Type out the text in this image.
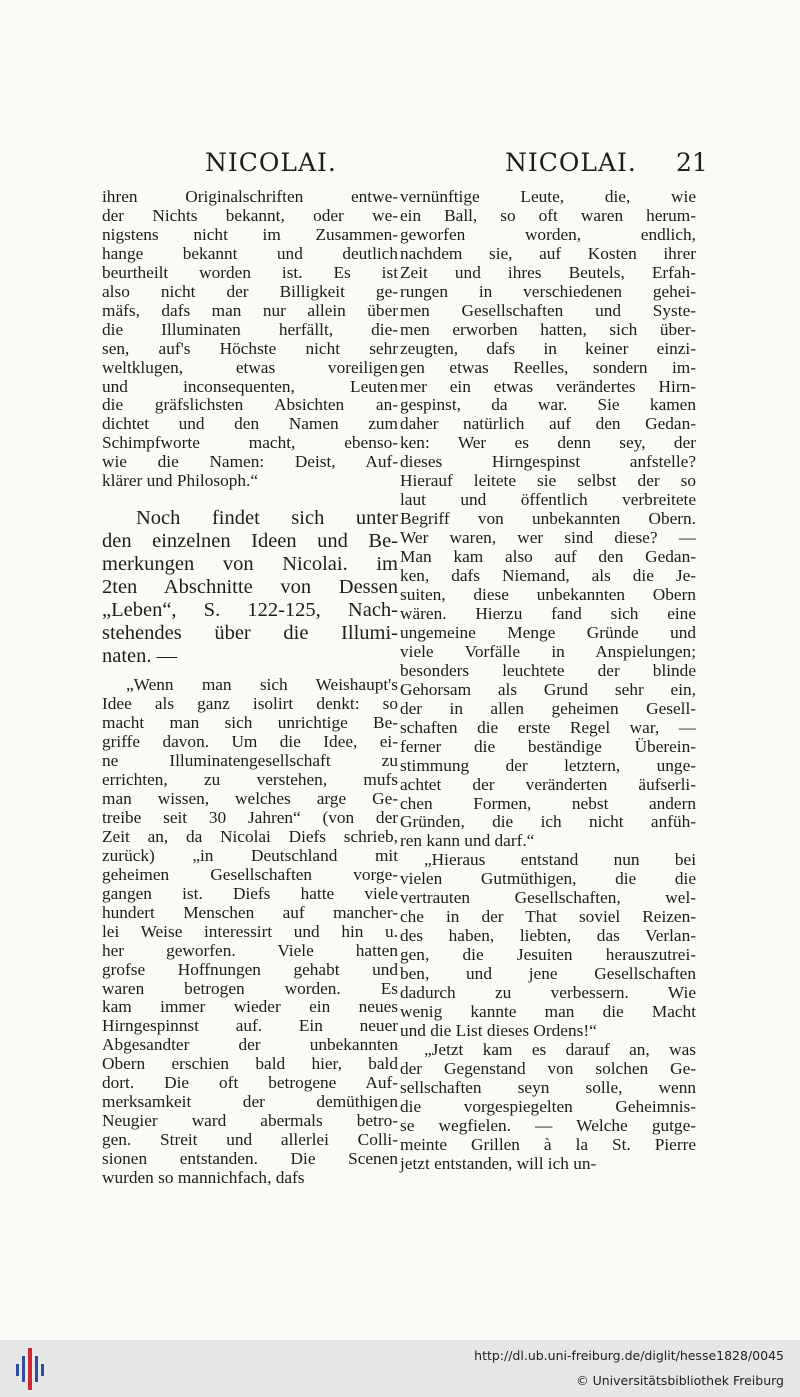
NICOLAI.	NICOLAI. 21

ihren Originalschriften entwe-
der Nichts bekannt, oder we-
nigstens nicht im Zusammen-
hange bekannt und deutlich
beurtheilt worden ist. Es ist
also nicht der Billigkeit ge-
mäfs, dafs man nur allein über
die Illuminaten herfällt, die-
sen, auf's Höchste nicht sehr
weltklugen, etwas voreiligen
und inconsequenten, Leuten
die gräfslichsten Absichten an-
dichtet und den Namen zum
Schimpfworte macht, ebenso-
wie die Namen: Deist, Auf-
klärer und Philosoph.“

Noch findet sich unter
den einzelnen Ideen und Be-
merkungen von Nicolai. im
2ten Abschnitte von Dessen
„Leben“, S. 122-125, Nach-
stehendes über die Illumi-
naten. —

„Wenn man sich Weishaupt's
Idee als ganz isolirt denkt: so
macht man sich unrichtige Be-
griffe davon. Um die Idee, ei-
ne Illuminatengesellschaft zu
errichten, zu verstehen, mufs
man wissen, welches arge Ge-
treibe seit 30 Jahren“ (von der
Zeit an, da Nicolai Diefs schrieb,
zurück) „in Deutschland mit
geheimen Gesellschaften vorge-
gangen ist. Diefs hatte viele
hundert Menschen auf mancher-
lei Weise interessirt und hin u.
her geworfen. Viele hatten
grofse Hoffnungen gehabt und
waren betrogen worden. Es
kam immer wieder ein neues
Hirngespinnst auf. Ein neuer
Abgesandter der unbekannten
Obern erschien bald hier, bald
dort. Die oft betrogene Auf-
merksamkeit der demüthigen
Neugier ward abermals betro-
gen. Streit und allerlei Colli-
sionen entstanden. Die Scenen
wurden so mannichfach, dafs

vernünftige Leute, die, wie
ein Ball, so oft waren herum-
geworfen worden, endlich,
nachdem sie, auf Kosten ihrer
Zeit und ihres Beutels, Erfah-
rungen in verschiedenen gehei-
men Gesellschaften und Syste-
men erworben hatten, sich über-
zeugten, dafs in keiner einzi-
gen etwas Reelles, sondern im-
mer ein etwas verändertes Hirn-
gespinst, da war. Sie kamen
daher natürlich auf den Gedan-
ken: Wer es denn sey, der
dieses Hirngespinst anfstelle?
Hierauf leitete sie selbst der so
laut und öffentlich verbreitete
Begriff von unbekannten Obern.
Wer waren, wer sind diese? —
Man kam also auf den Gedan-
ken, dafs Niemand, als die Je-
suiten, diese unbekannten Obern
wären. Hierzu fand sich eine
ungemeine Menge Gründe und
viele Vorfälle in Anspielungen;
besonders leuchtete der blinde
Gehorsam als Grund sehr ein,
der in allen geheimen Gesell-
schaften die erste Regel war, —
ferner die beständige Überein-
stimmung der letztern, unge-
achtet der veränderten äufserli-
chen Formen, nebst andern
Gründen, die ich nicht anfüh-
ren kann und darf.“
„Hieraus entstand nun bei
vielen Gutmüthigen, die die
vertrauten Gesellschaften, wel-
che in der That soviel Reizen-
des haben, liebten, das Verlan-
gen, die Jesuiten herauszutrei-
ben, und jene Gesellschaften
dadurch zu verbessern. Wie
wenig kannte man die Macht
und die List dieses Ordens!“
„Jetzt kam es darauf an, was
der Gegenstand von solchen Ge-
sellschaften seyn solle, wenn
die vorgespiegelten Geheimnis-
se wegfielen. — Welche gutge-
meinte Grillen à la St. Pierre
jetzt entstanden, will ich un-

http://dl.ub.uni-freiburg.de/diglit/hesse1828/0045
© Universitätsbibliothek Freiburg
